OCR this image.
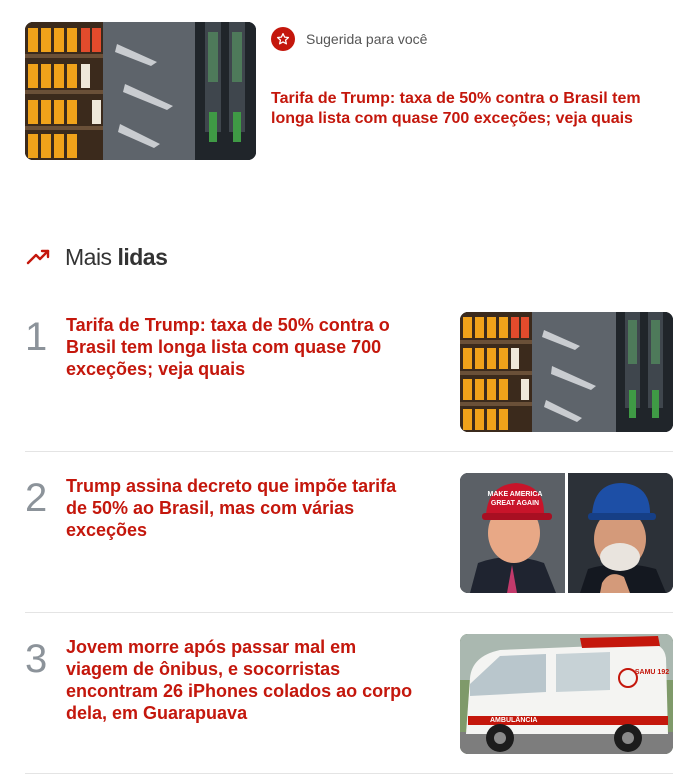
Sugerida para você
Tarifa de Trump: taxa de 50% contra o Brasil tem longa lista com quase 700 exceções; veja quais
Mais lidas
1	Tarifa de Trump: taxa de 50% contra o Brasil tem longa lista com quase 700 exceções; veja quais
2	Trump assina decreto que impõe tarifa de 50% ao Brasil, mas com várias exceções
MAKE AMERICA
GREAT AGAIN
3	Jovem morre após passar mal em viagem de ônibus, e socorristas encontram 26 iPhones colados ao corpo dela, em Guarapuava
SAMU 192
AMBULÂNCIA
